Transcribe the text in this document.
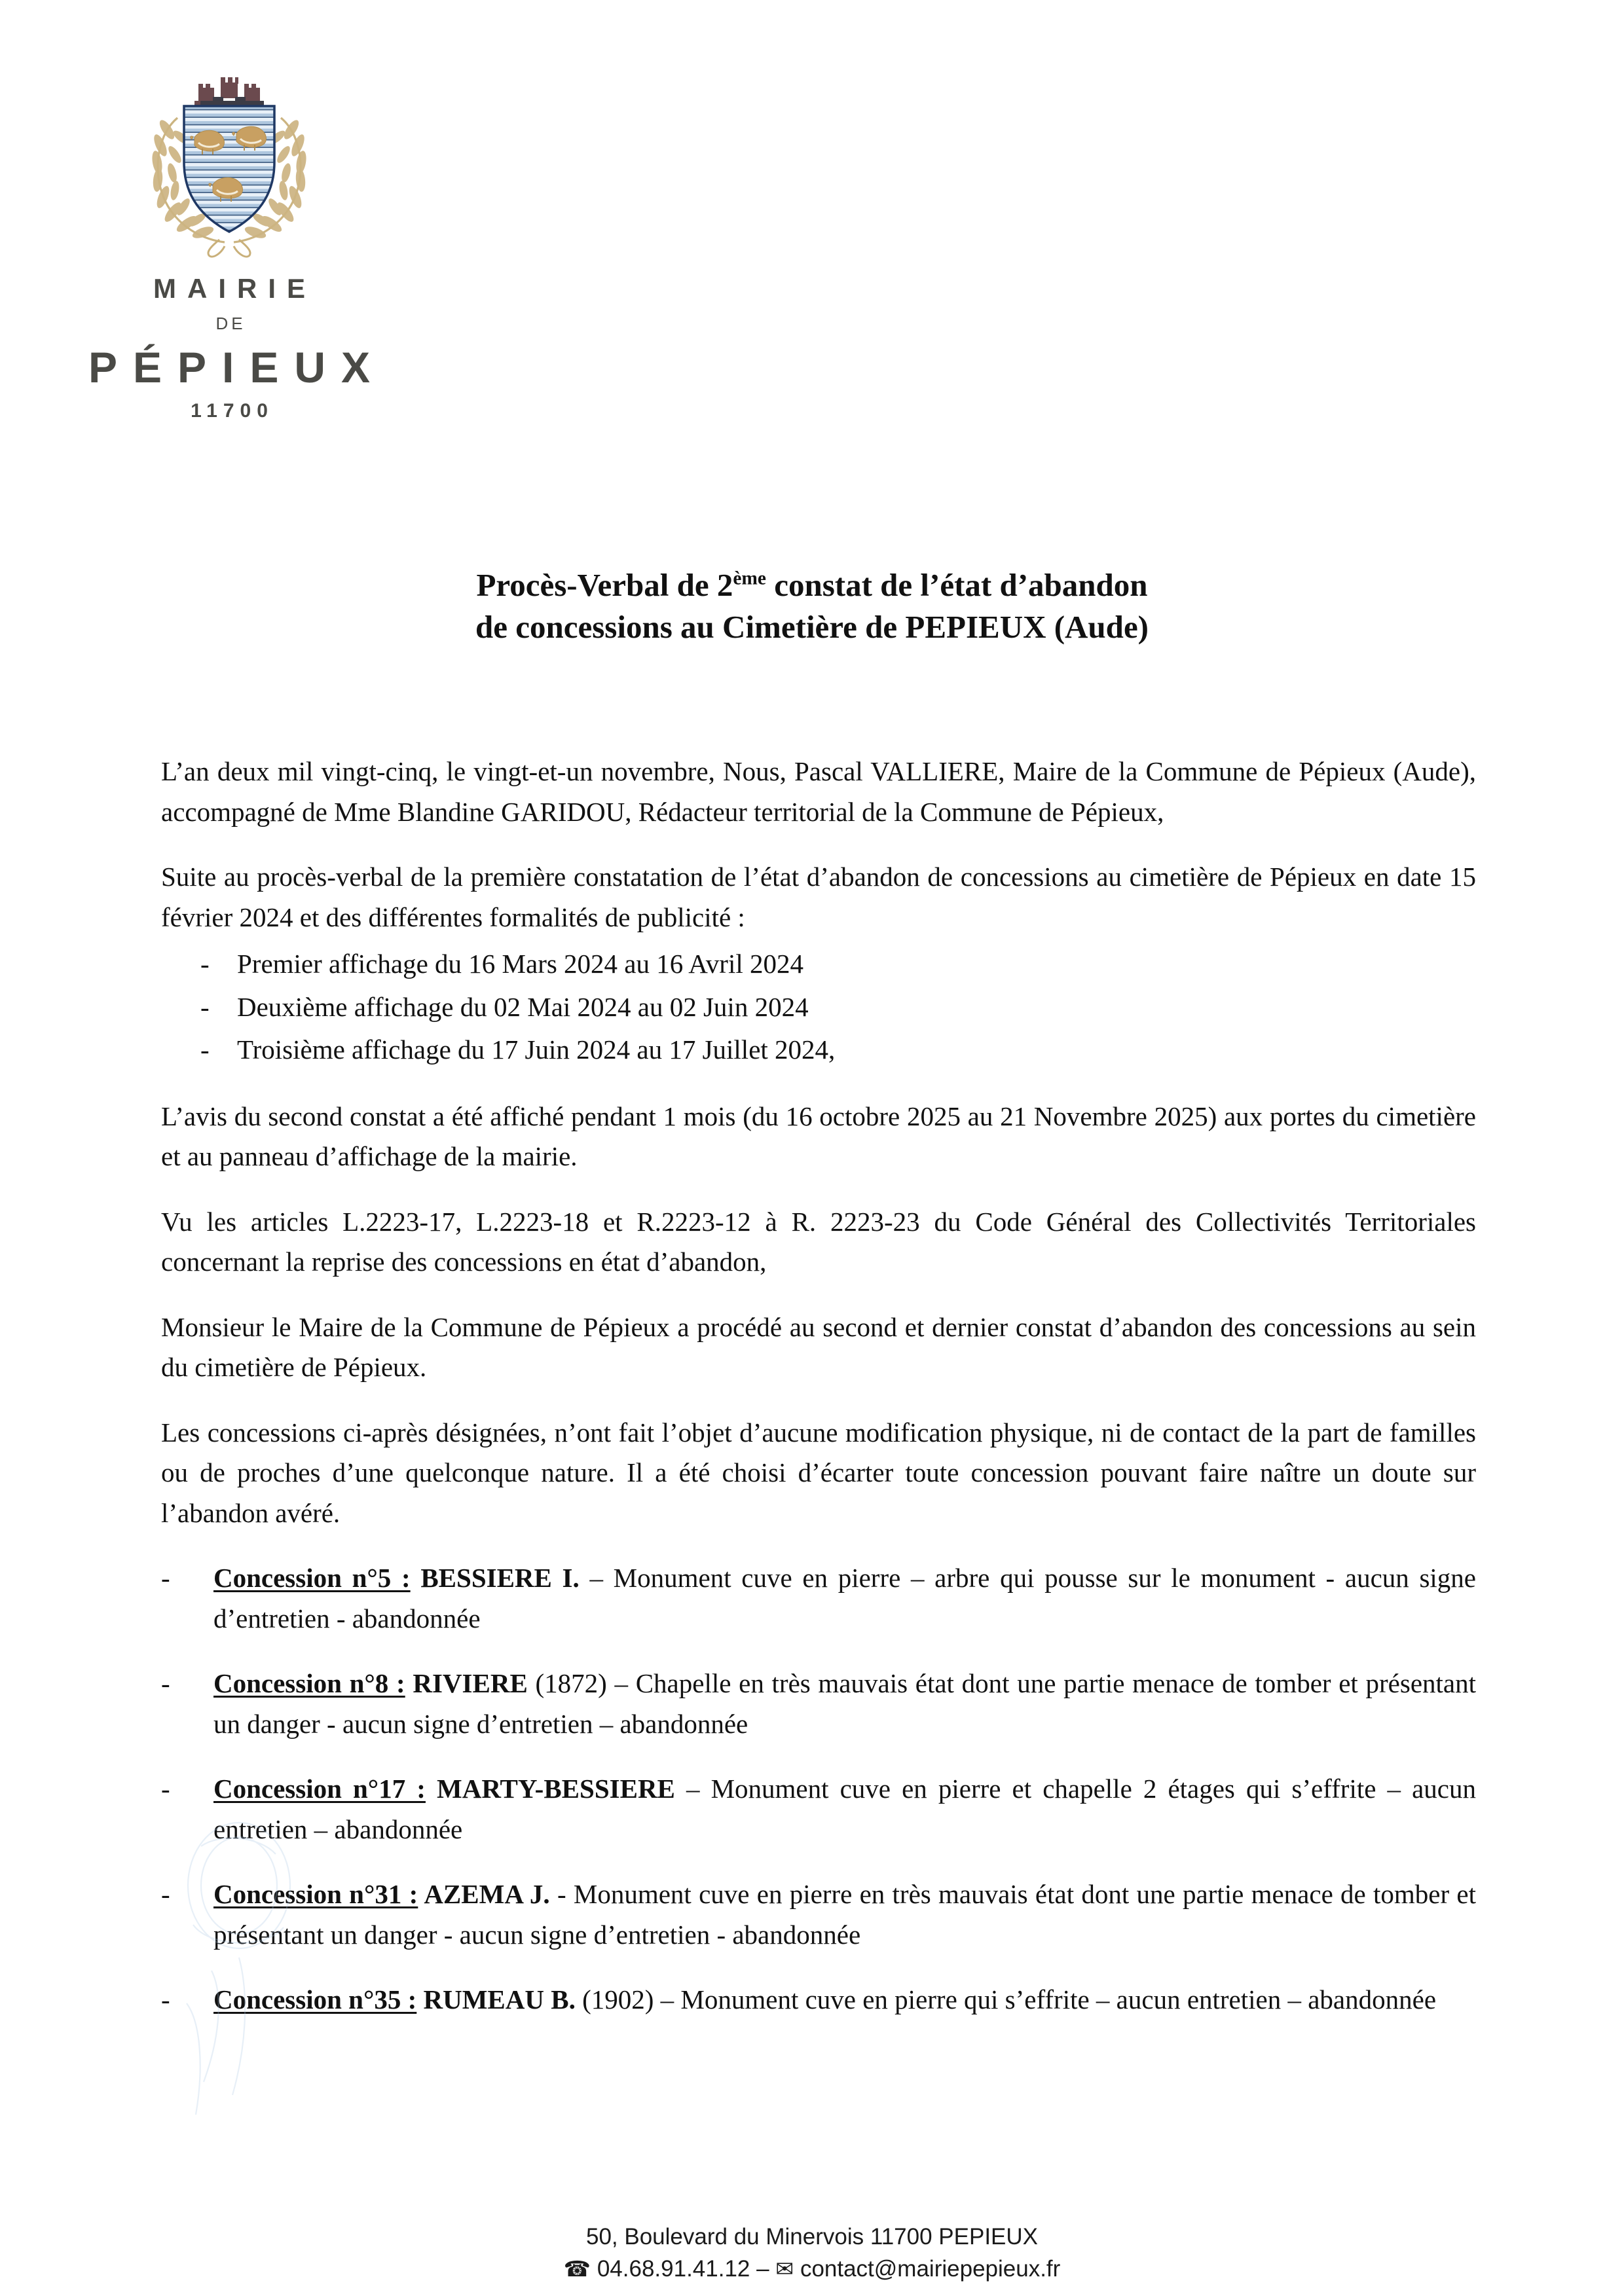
MAIRIE
DE
PÉPIEUX
11700
Procès-Verbal de 2ème constat de l’état d’abandon
de concessions au Cimetière de PEPIEUX (Aude)

L’an deux mil vingt-cinq, le vingt-et-un novembre, Nous, Pascal VALLIERE, Maire de la Commune de Pépieux (Aude), accompagné de Mme Blandine GARIDOU, Rédacteur territorial de la Commune de Pépieux,

Suite au procès-verbal de la première constatation de l’état d’abandon de concessions au cimetière de Pépieux en date 15 février 2024 et des différentes formalités de publicité :

- Premier affichage du 16 Mars 2024 au 16 Avril 2024
- Deuxième affichage du 02 Mai 2024 au 02 Juin 2024
- Troisième affichage du 17 Juin 2024 au 17 Juillet 2024,

L’avis du second constat a été affiché pendant 1 mois (du 16 octobre 2025 au 21 Novembre 2025) aux portes du cimetière et au panneau d’affichage de la mairie.

Vu les articles L.2223-17, L.2223-18 et R.2223-12 à R. 2223-23 du Code Général des Collectivités Territoriales concernant la reprise des concessions en état d’abandon,

Monsieur le Maire de la Commune de Pépieux a procédé au second et dernier constat d’abandon des concessions au sein du cimetière de Pépieux.

Les concessions ci-après désignées, n’ont fait l’objet d’aucune modification physique, ni de contact de la part de familles ou de proches d’une quelconque nature. Il a été choisi d’écarter toute concession pouvant faire naître un doute sur l’abandon avéré.

- Concession n°5 : BESSIERE I. – Monument cuve en pierre – arbre qui pousse sur le monument - aucun signe d’entretien - abandonnée
- Concession n°8 : RIVIERE (1872) – Chapelle en très mauvais état dont une partie menace de tomber et présentant un danger - aucun signe d’entretien – abandonnée
- Concession n°17 : MARTY-BESSIERE – Monument cuve en pierre et chapelle 2 étages qui s’effrite – aucun entretien – abandonnée
- Concession n°31 : AZEMA J. - Monument cuve en pierre en très mauvais état dont une partie menace de tomber et présentant un danger - aucun signe d’entretien - abandonnée
- Concession n°35 : RUMEAU B. (1902) – Monument cuve en pierre qui s’effrite – aucun entretien – abandonnée
50, Boulevard du Minervois 11700 PEPIEUX
☎ 04.68.91.41.12 – ✉ contact@mairiepepieux.fr
